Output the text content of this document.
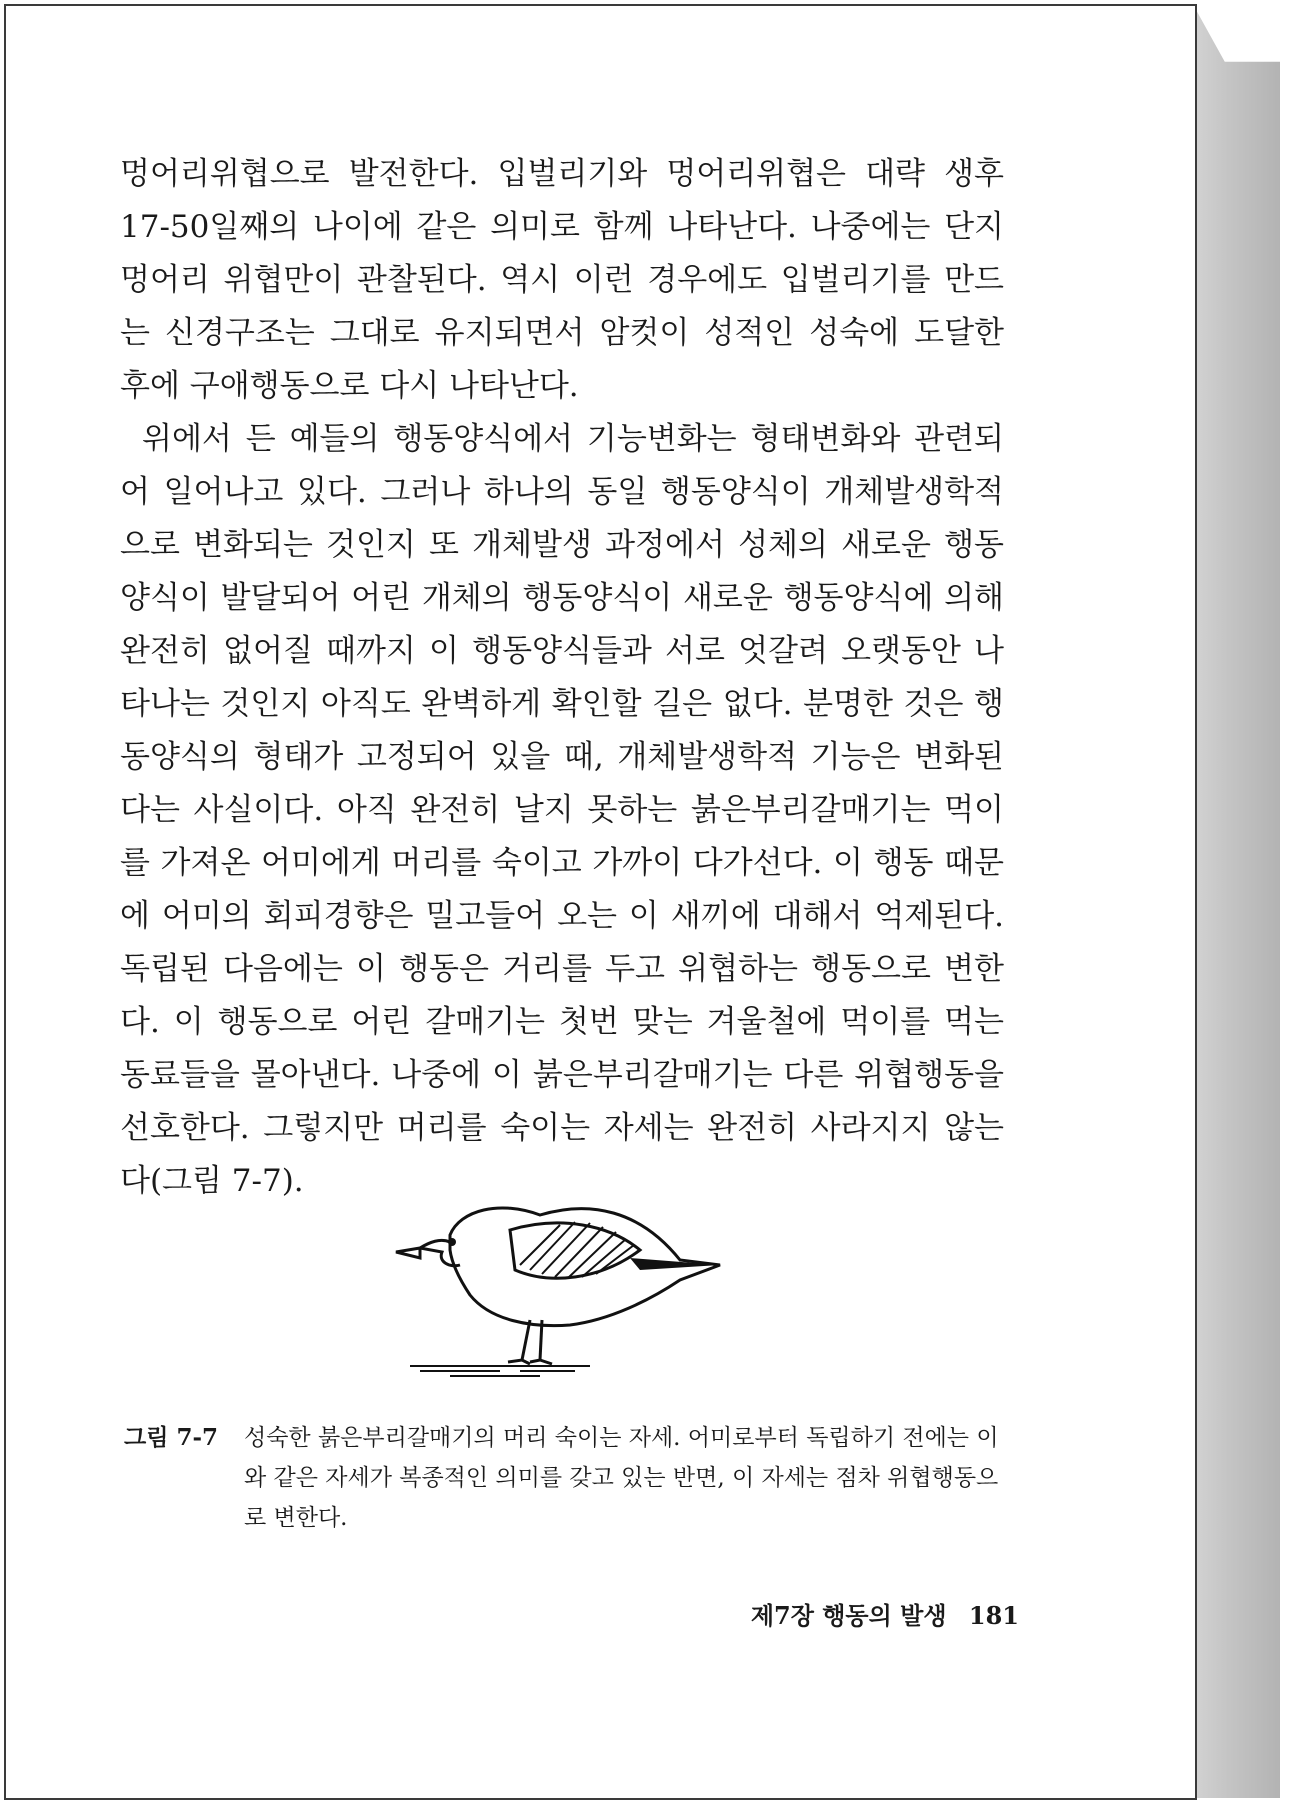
멍어리위협으로 발전한다. 입벌리기와 멍어리위협은 대략 생후 17-50일째의 나이에 같은 의미로 함께 나타난다. 나중에는 단지 멍어리 위협만이 관찰된다. 역시 이런 경우에도 입벌리기를 만드는 신경구조는 그대로 유지되면서 암컷이 성적인 성숙에 도달한 후에 구애행동으로 다시 나타난다.

위에서 든 예들의 행동양식에서 기능변화는 형태변화와 관련되어 일어나고 있다. 그러나 하나의 동일 행동양식이 개체발생학적으로 변화되는 것인지 또 개체발생 과정에서 성체의 새로운 행동양식이 발달되어 어린 개체의 행동양식이 새로운 행동양식에 의해 완전히 없어질 때까지 이 행동양식들과 서로 엇갈려 오랫동안 나타나는 것인지 아직도 완벽하게 확인할 길은 없다. 분명한 것은 행동양식의 형태가 고정되어 있을 때, 개체발생학적 기능은 변화된다는 사실이다. 아직 완전히 날지 못하는 붉은부리갈매기는 먹이를 가져온 어미에게 머리를 숙이고 가까이 다가선다. 이 행동 때문에 어미의 회피경향은 밀고들어 오는 이 새끼에 대해서 억제된다. 독립된 다음에는 이 행동은 거리를 두고 위협하는 행동으로 변한다. 이 행동으로 어린 갈매기는 첫번 맞는 겨울철에 먹이를 먹는 동료들을 몰아낸다. 나중에 이 붉은부리갈매기는 다른 위협행동을 선호한다. 그렇지만 머리를 숙이는 자세는 완전히 사라지지 않는다(그림 7-7).

그림 7-7	성숙한 붉은부리갈매기의 머리 숙이는 자세. 어미로부터 독립하기 전에는 이와 같은 자세가 복종적인 의미를 갖고 있는 반면, 이 자세는 점차 위협행동으로 변한다.
제7장 행동의 발생 181
